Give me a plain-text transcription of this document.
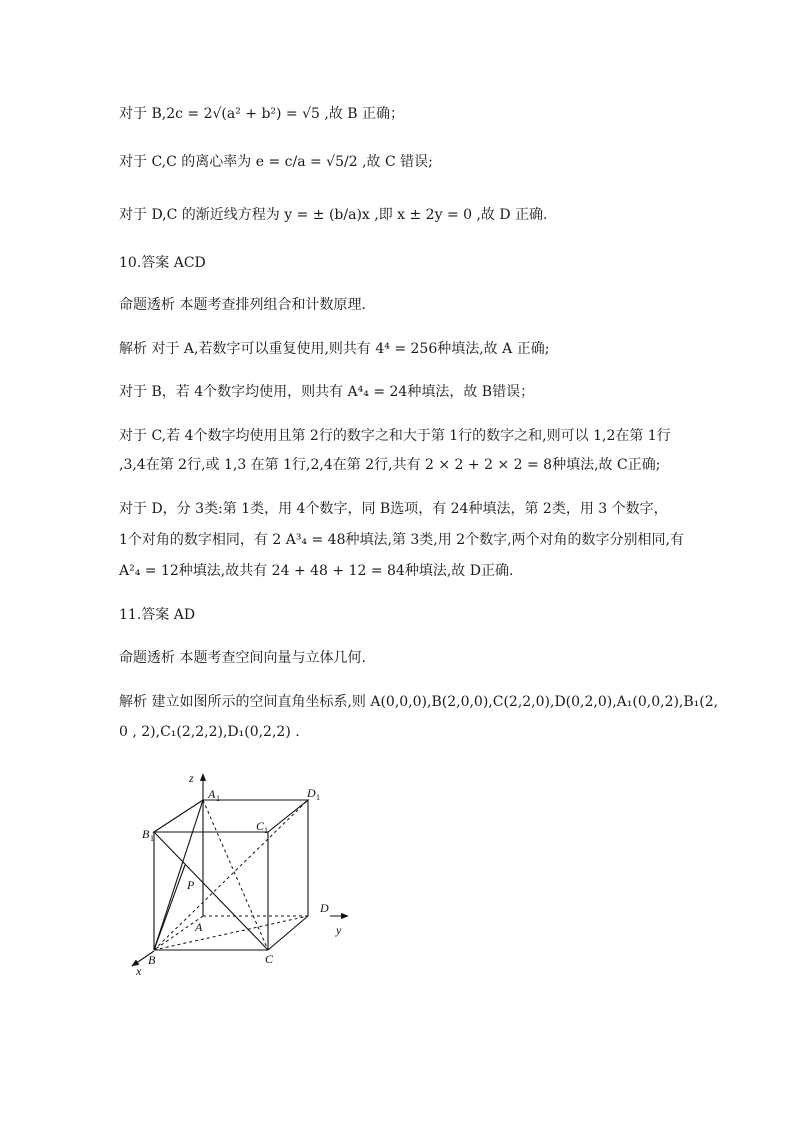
对于 B,2c = 2√(a² + b²) = √5 ,故 B 正确；
对于 C,C 的离心率为 e = c/a = √5/2 ,故 C 错误;
对于 D,C 的渐近线方程为 y = ± (b/a)x ,即 x ± 2y = 0 ,故 D 正确.
10.答案 ACD
命题透析 本题考查排列组合和计数原理.
解析 对于 A,若数字可以重复使用,则共有 4⁴ = 256种填法,故 A 正确;
对于 B，若 4个数字均使用，则共有 A⁴₄ = 24种填法，故 B错误；
对于 C,若 4个数字均使用且第 2行的数字之和大于第 1行的数字之和,则可以 1,2在第 1行
,3,4在第 2行,或 1,3 在第 1行,2,4在第 2行,共有 2 × 2 + 2 × 2 = 8种填法,故 C正确;
对于 D，分 3类:第 1类，用 4个数字，同 B选项，有 24种填法，第 2类，用 3 个数字，
1个对角的数字相同，有 2 A³₄ = 48种填法,第 3类,用 2个数字,两个对角的数字分别相同,有
A²₄ = 12种填法,故共有 24 + 48 + 12 = 84种填法,故 D正确.
11.答案 AD
命题透析 本题考查空间向量与立体几何.
解析 建立如图所示的空间直角坐标系,则 A(0,0,0),B(2,0,0),C(2,2,0),D(0,2,0),A₁(0,0,2),B₁(2,
0 , 2),C₁(2,2,2),D₁(0,2,2) .
z
y
x
A 1	D 1
B 1
C 1
P
A
D
B	C
